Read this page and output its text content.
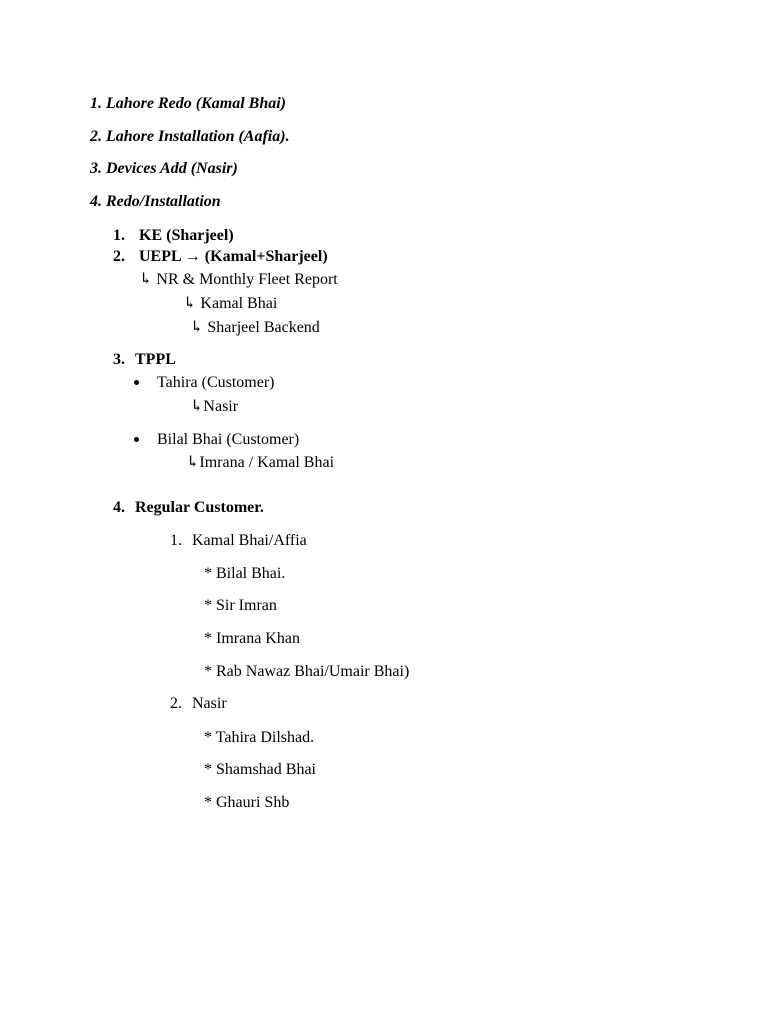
1. Lahore Redo (Kamal Bhai)
2. Lahore Installation (Aafia).
3. Devices Add (Nasir)
4. Redo/Installation
1. KE (Sharjeel)
2. UEPL → (Kamal+Sharjeel)
↳ NR & Monthly Fleet Report
↳ Kamal Bhai
↳ Sharjeel Backend
3. TPPL
Tahira (Customer)
↳Nasir
Bilal Bhai (Customer)
↳Imrana / Kamal Bhai
4. Regular Customer.
1. Kamal Bhai/Affia
* Bilal Bhai.
* Sir Imran
* Imrana Khan
* Rab Nawaz Bhai/Umair Bhai)
2. Nasir
* Tahira Dilshad.
* Shamshad Bhai
* Ghauri Shb
